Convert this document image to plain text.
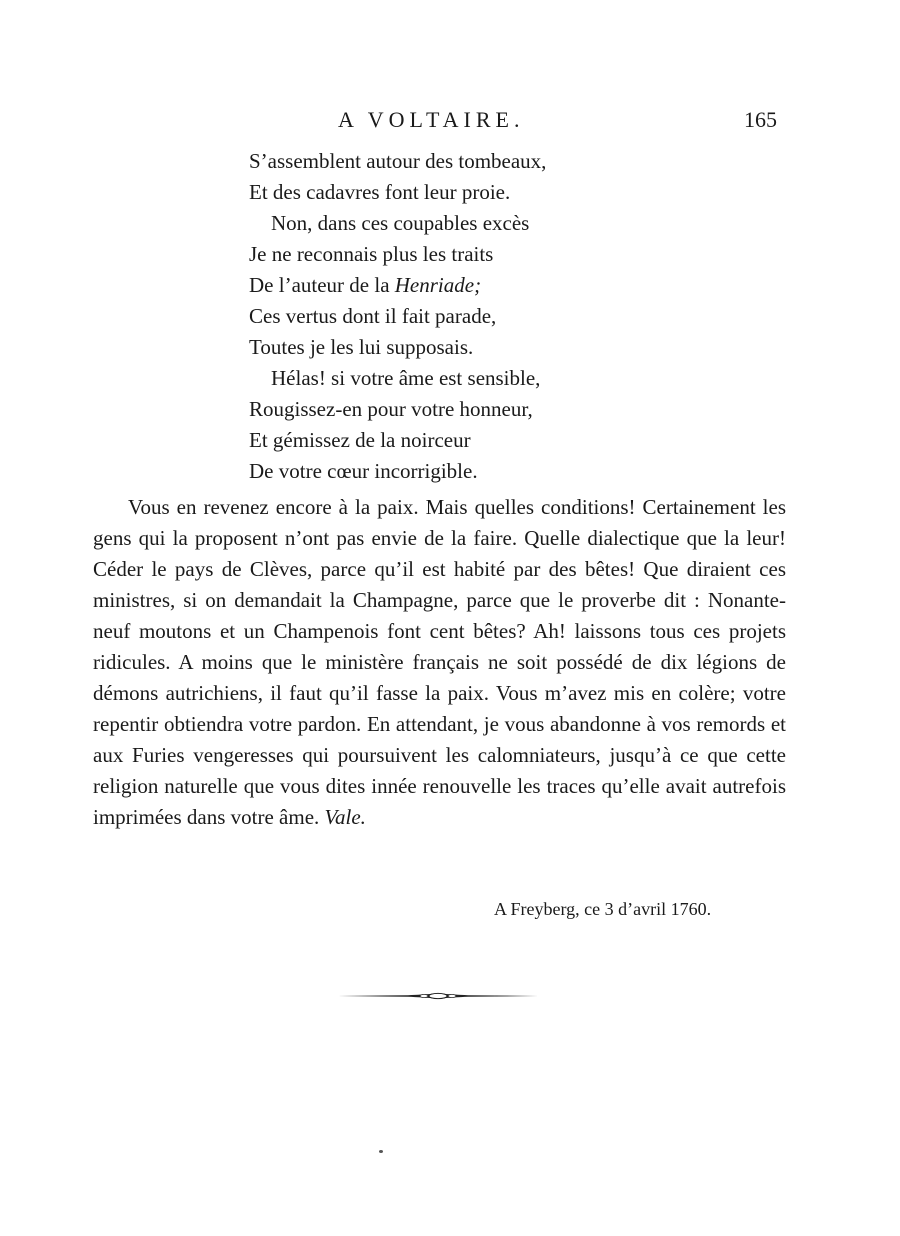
A VOLTAIRE.	165
S’assemblent autour des tombeaux,
Et des cadavres font leur proie.
Non, dans ces coupables excès
Je ne reconnais plus les traits
De l’auteur de la Henriade;
Ces vertus dont il fait parade,
Toutes je les lui supposais.
Hélas! si votre âme est sensible,
Rougissez-en pour votre honneur,
Et gémissez de la noirceur
De votre cœur incorrigible.

Vous en revenez encore à la paix. Mais quelles conditions! Certainement les gens qui la proposent n’ont pas envie de la faire. Quelle dialectique que la leur! Céder le pays de Clèves, parce qu’il est habité par des bêtes! Que diraient ces ministres, si on demandait la Champagne, parce que le proverbe dit : Nonante-neuf moutons et un Champenois font cent bêtes? Ah! laissons tous ces projets ridicules. A moins que le ministère français ne soit possédé de dix légions de démons autrichiens, il faut qu’il fasse la paix. Vous m’avez mis en colère; votre repentir obtiendra votre pardon. En attendant, je vous abandonne à vos remords et aux Furies vengeresses qui poursuivent les calomniateurs, jusqu’à ce que cette religion naturelle que vous dites innée renouvelle les traces qu’elle avait autrefois imprimées dans votre âme. Vale.

A Freyberg, ce 3 d’avril 1760.
